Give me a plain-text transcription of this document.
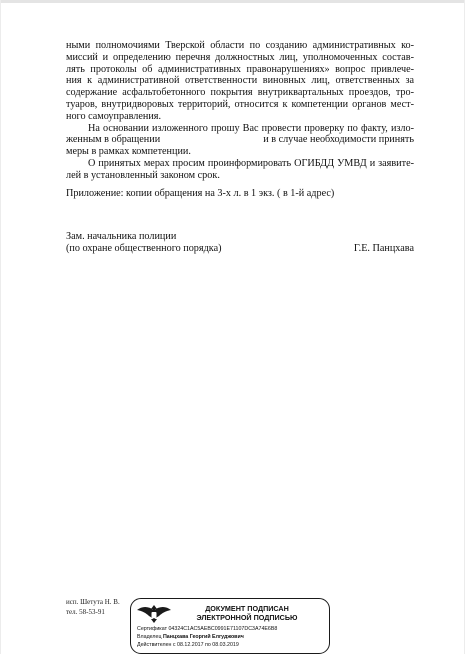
ными полномочиями Тверской области по созданию административных ко-
миссий и определению перечня должностных лиц, уполномоченных состав-
лять протоколы об административных правонарушениях» вопрос привлече-
ния к административной ответственности виновных лиц, ответственных за
содержание асфальтобетонного покрытия внутриквартальных проездов, тро-
туаров, внутридворовых территорий, относится к компетенции органов мест-
ного самоуправления.
На основании изложенного прошу Вас провести проверку по факту, изло-
женным в обращении	и в случае необходимости принять
меры в рамках компетенции.
О принятых мерах просим проинформировать ОГИБДД УМВД и заявите-
лей в установленный законом срок.
Приложение: копии обращения на 3-х л. в 1 экз. ( в 1-й адрес)
Зам. начальника полиции
(по охране общественного порядка)	Г.Е. Панцхава
исп. Шетута Н. В.
тел. 58-53-91	ДОКУМЕНТ ПОДПИСАН
ЭЛЕКТРОННОЙ ПОДПИСЬЮ
Сертификат 04324C1AC5AEBC0991E71107DC3A74E6B8
Владелец Панцхава Георгий Елгуджович
Действителен с 08.12.2017 по 08.03.2019
